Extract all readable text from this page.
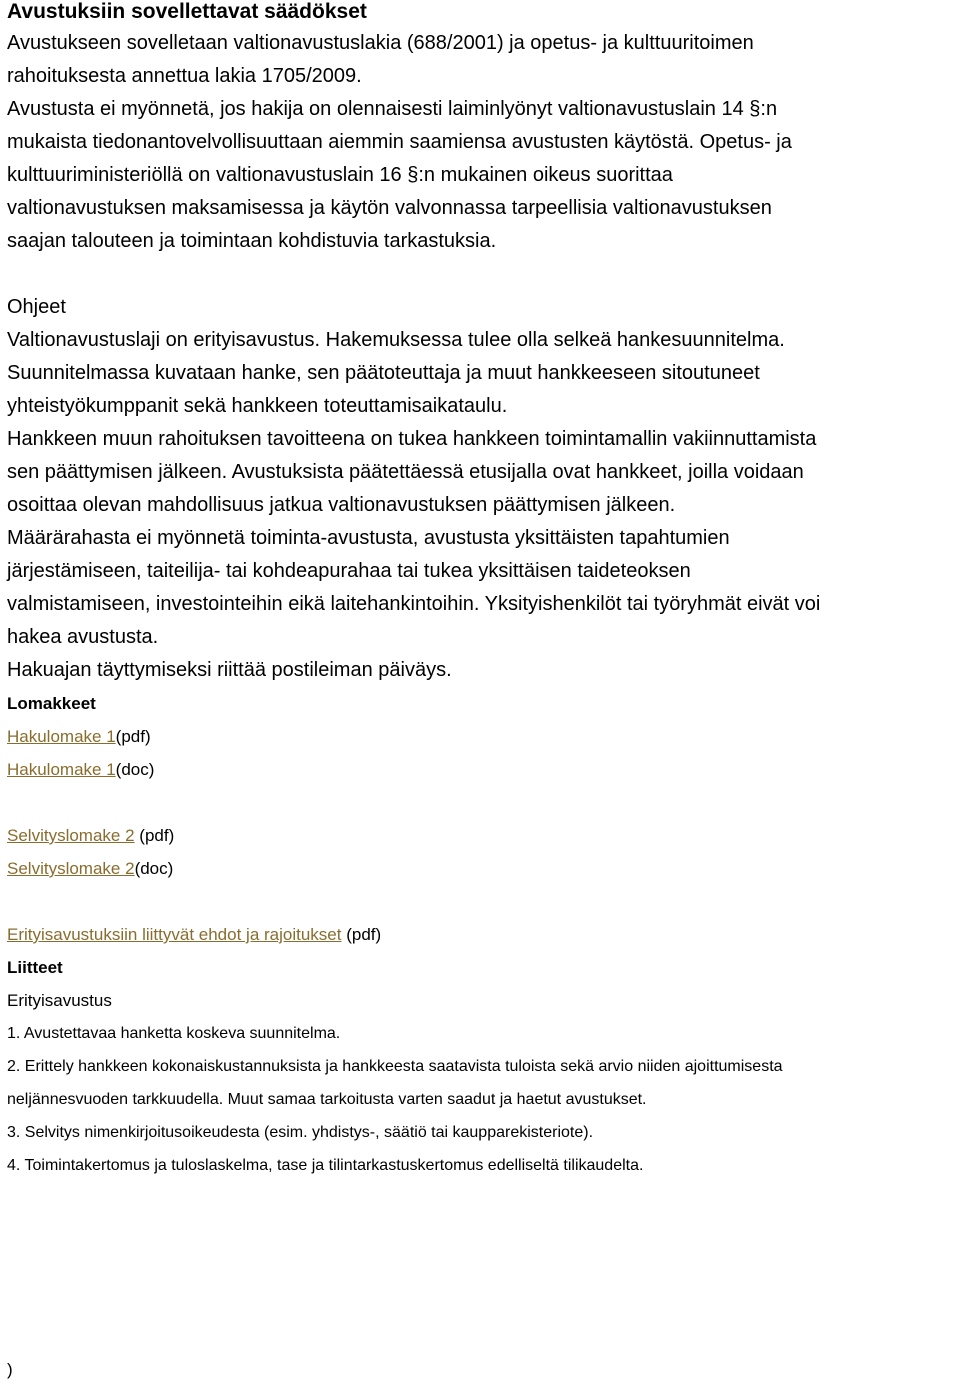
Avustuksiin sovellettavat säädökset

Avustukseen sovelletaan valtionavustuslakia (688/2001) ja opetus- ja kulttuuritoimen
rahoituksesta annettua lakia 1705/2009.

Avustusta ei myönnetä, jos hakija on olennaisesti laiminlyönyt valtionavustuslain 14 §:n
mukaista tiedonantovelvollisuuttaan aiemmin saamiensa avustusten käytöstä. Opetus- ja
kulttuuriministeriöllä on valtionavustuslain 16 §:n mukainen oikeus suorittaa
valtionavustuksen maksamisessa ja käytön valvonnassa tarpeellisia valtionavustuksen
saajan talouteen ja toimintaan kohdistuvia tarkastuksia.

Ohjeet

Valtionavustuslaji on erityisavustus. Hakemuksessa tulee olla selkeä hankesuunnitelma.
Suunnitelmassa kuvataan hanke, sen päätoteuttaja ja muut hankkeeseen sitoutuneet
yhteistyökumppanit sekä hankkeen toteuttamisaikataulu.

Hankkeen muun rahoituksen tavoitteena on tukea hankkeen toimintamallin vakiinnuttamista
sen päättymisen jälkeen. Avustuksista päätettäessä etusijalla ovat hankkeet, joilla voidaan
osoittaa olevan mahdollisuus jatkua valtionavustuksen päättymisen jälkeen.

Määrärahasta ei myönnetä toiminta-avustusta, avustusta yksittäisten tapahtumien
järjestämiseen, taiteilija- tai kohdeapurahaa tai tukea yksittäisen taideteoksen
valmistamiseen, investointeihin eikä laitehankintoihin. Yksityishenkilöt tai työryhmät eivät voi
hakea avustusta.

Hakuajan täyttymiseksi riittää postileiman päiväys.

Lomakkeet

Hakulomake 1(pdf)

Hakulomake 1(doc)

Selvityslomake 2 (pdf)

Selvityslomake 2(doc)

Erityisavustuksiin liittyvät ehdot ja rajoitukset (pdf)

Liitteet

Erityisavustus

1. Avustettavaa hanketta koskeva suunnitelma.

2. Erittely hankkeen kokonaiskustannuksista ja hankkeesta saatavista tuloista sekä arvio niiden ajoittumisesta

neljännesvuoden tarkkuudella. Muut samaa tarkoitusta varten saadut ja haetut avustukset.

3. Selvitys nimenkirjoitusoikeudesta (esim. yhdistys-, säätiö tai kaupparekisteriote).

4. Toimintakertomus ja tuloslaskelma, tase ja tilintarkastuskertomus edelliseltä tilikaudelta.

)
